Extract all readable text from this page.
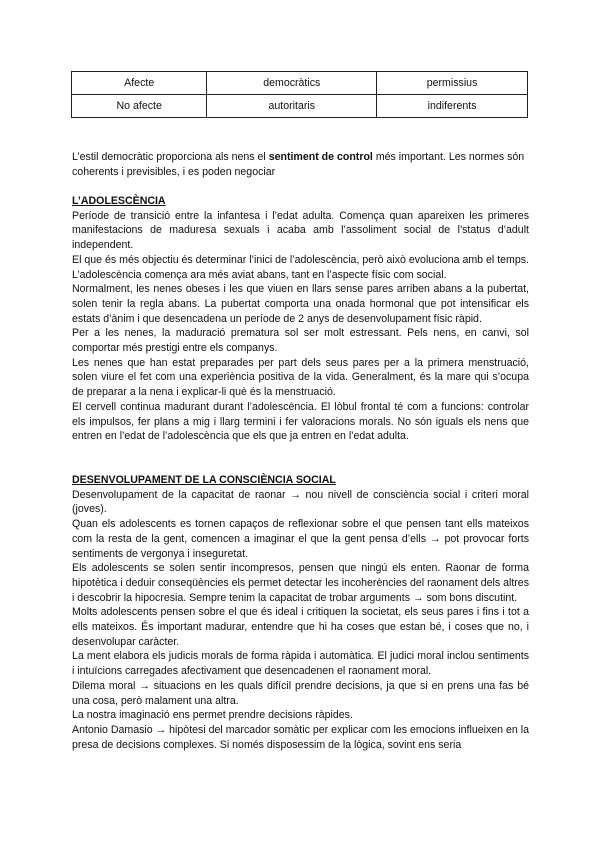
Afecte	democràtics	permissius
No afecte	autoritaris	indiferents

L’estil democràtic proporciona als nens el sentiment de control més important. Les normes són coherents i previsibles, i es poden negociar

L’ADOLESCÈNCIA

Període de transició entre la infantesa i l’edat adulta. Comença quan apareixen les primeres manifestacions de maduresa sexuals i acaba amb l’assoliment social de l’status d’adult independent.

El que és més objectiu és determinar l’inici de l’adolescència, però això evoluciona amb el temps. L’adolescència comença ara més aviat abans, tant en l’aspecte físic com social.

Normalment, les nenes obeses i les que viuen en llars sense pares arriben abans a la pubertat, solen tenir la regla abans. La pubertat comporta una onada hormonal que pot intensificar els estats d’ànim i que desencadena un període de 2 anys de desenvolupament físic ràpid.

Per a les nenes, la maduració prematura sol ser molt estressant. Pels nens, en canvi, sol comportar més prestigi entre els companys.

Les nenes que han estat preparades per part dels seus pares per a la primera menstruació, solen viure el fet com una experiència positiva de la vida. Generalment, és la mare qui s’ocupa de preparar a la nena i explicar-li què és la menstruació.

El cervell continua madurant durant l’adolescència. El lòbul frontal té com a funcions: controlar els impulsos, fer plans a mig i llarg termini i fer valoracions morals. No són iguals els nens que entren en l’edat de l’adolescència que els que ja entren en l’edat adulta.

DESENVOLUPAMENT DE LA CONSCIÈNCIA SOCIAL

Desenvolupament de la capacitat de raonar → nou nivell de consciència social i criteri moral (joves).

Quan els adolescents es tornen capaços de reflexionar sobre el que pensen tant ells mateixos com la resta de la gent, comencen a imaginar el que la gent pensa d’ells → pot provocar forts sentiments de vergonya i inseguretat.

Els adolescents se solen sentir incompresos, pensen que ningú els enten. Raonar de forma hipotètica i deduir conseqüències els permet detectar les incoherències del raonament dels altres i descobrir la hipocresia. Sempre tenim la capacitat de trobar arguments → som bons discutint.

Molts adolescents pensen sobre el que és ideal i critiquen la societat, els seus pares i fins i tot a ells mateixos. És important madurar, entendre que hi ha coses que estan bé, i coses que no, i desenvolupar caràcter.

La ment elabora els judicis morals de forma ràpida i automàtica. El judici moral inclou sentiments i intuïcions carregades afectivament que desencadenen el raonament moral.

Dilema moral → situacions en les quals difícil prendre decisions, ja que si en prens una fas bé una cosa, però malament una altra.

La nostra imaginació ens permet prendre decisions ràpides.

Antonio Damasio → hipòtesi del marcador somàtic per explicar com les emocions influeixen en la presa de decisions complexes. Si només disposessim de la lògica, sovint ens seria
